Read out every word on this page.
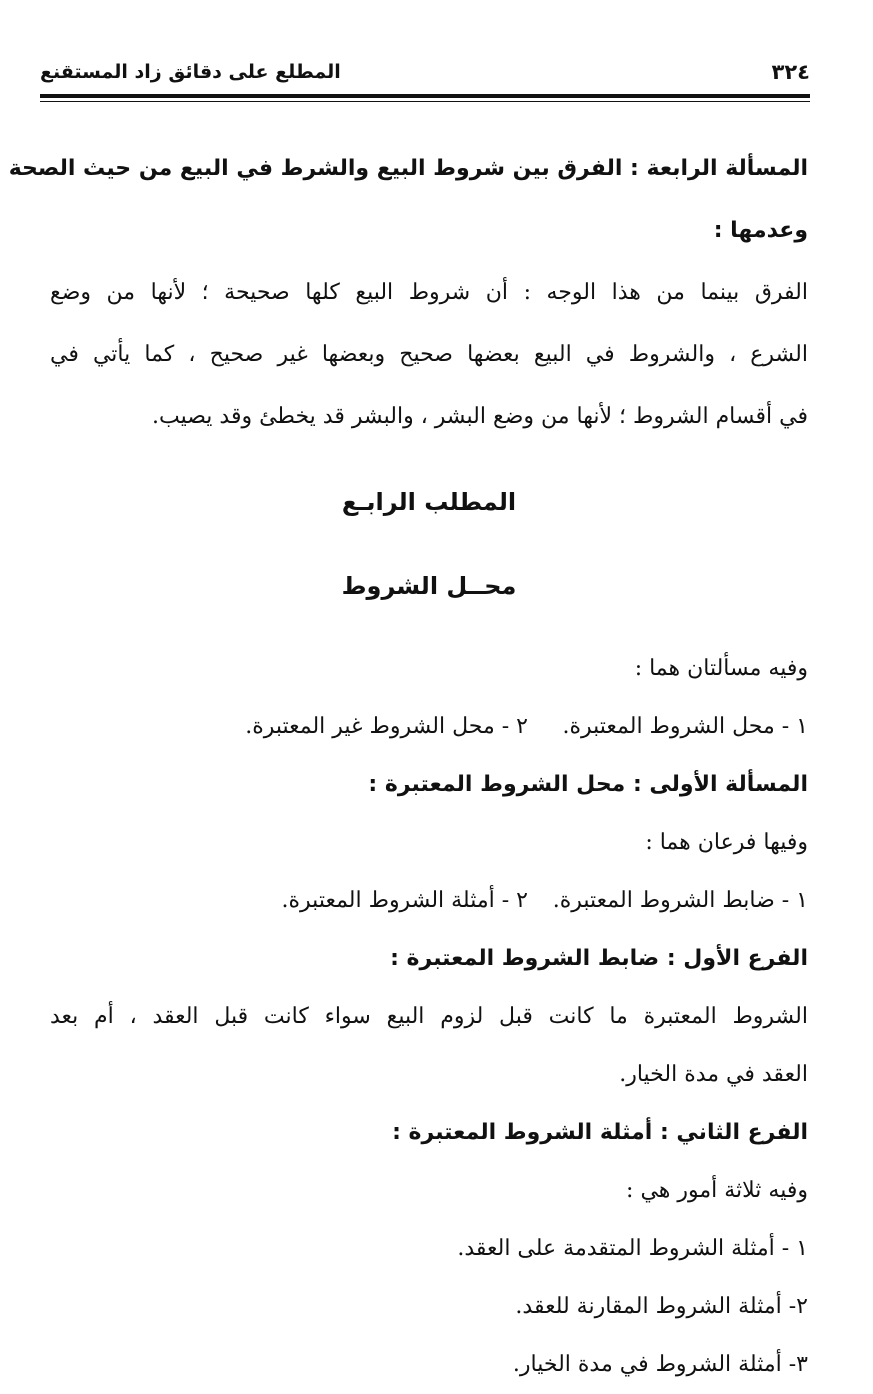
٣٢٤
المطلع على دقائق زاد المستقنع

المسألة الرابعة : الفرق بين شروط البيع والشرط في البيع من حيث الصحة

وعدمها :

الفرق بينما من هذا الوجه : أن شروط البيع كلها صحيحة ؛ لأنها من وضع

الشرع ، والشروط في البيع بعضها صحيح وبعضها غير صحيح ، كما يأتي في

في أقسام الشروط ؛ لأنها من وضع البشر ، والبشر قد يخطئ وقد يصيب.

المطلب الرابـع

محــل الشروط

وفيه مسألتان هما :

١ - محل الشروط المعتبرة.
٢ - محل الشروط غير المعتبرة.

المسألة الأولى : محل الشروط المعتبرة :

وفيها فرعان هما :

١ - ضابط الشروط المعتبرة.
٢ - أمثلة الشروط المعتبرة.

الفرع الأول : ضابط الشروط المعتبرة :

الشروط المعتبرة ما كانت قبل لزوم البيع سواء كانت قبل العقد ، أم بعد

العقد في مدة الخيار.

الفرع الثاني : أمثلة الشروط المعتبرة :

وفيه ثلاثة أمور هي :

١ - أمثلة الشروط المتقدمة على العقد.

٢- أمثلة الشروط المقارنة للعقد.

٣- أمثلة الشروط في مدة الخيار.
